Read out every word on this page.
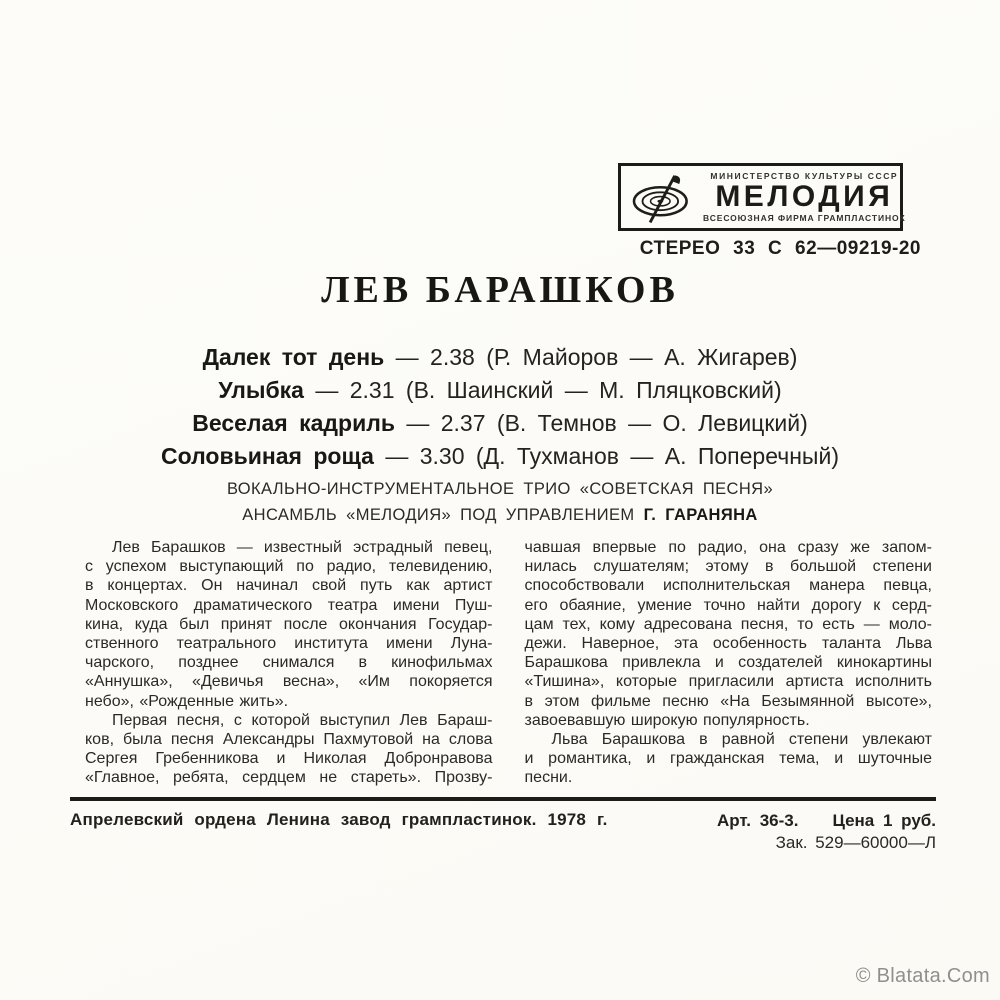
МИНИСТЕРСТВО КУЛЬТУРЫ СССР
МЕЛОДИЯ
ВСЕСОЮЗНАЯ ФИРМА ГРАМПЛАСТИНОК
СТЕРЕО 33 С 62—09219-20
ЛЕВ БАРАШКОВ
Далек тот день — 2.38 (Р. Майоров — А. Жигарев)
Улыбка — 2.31 (В. Шаинский — М. Пляцковский)
Веселая кадриль — 2.37 (В. Темнов — О. Левицкий)
Соловьиная роща — 3.30 (Д. Тухманов — А. Поперечный)
ВОКАЛЬНО-ИНСТРУМЕНТАЛЬНОЕ ТРИО «СОВЕТСКАЯ ПЕСНЯ»
АНСАМБЛЬ «МЕЛОДИЯ» ПОД УПРАВЛЕНИЕМ Г. ГАРАНЯНА
Лев Барашков — известный эстрадный певец,
с успехом выступающий по радио, телевидению,
в концертах. Он начинал свой путь как артист
Московского драматического театра имени Пуш-
кина, куда был принят после окончания Государ-
ственного театрального института имени Луна-
чарского, позднее снимался в кинофильмах
«Аннушка», «Девичья весна», «Им покоряется
небо», «Рожденные жить».
Первая песня, с которой выступил Лев Бараш-
ков, была песня Александры Пахмутовой на слова
Сергея Гребенникова и Николая Добронравова
«Главное, ребята, сердцем не стареть». Прозву-
чавшая впервые по радио, она сразу же запом-
нилась слушателям; этому в большой степени
способствовали исполнительская манера певца,
его обаяние, умение точно найти дорогу к серд-
цам тех, кому адресована песня, то есть — моло-
дежи. Наверное, эта особенность таланта Льва
Барашкова привлекла и создателей кинокартины
«Тишина», которые пригласили артиста исполнить
в этом фильме песню «На Безымянной высоте»,
завоевавшую широкую популярность.
Льва Барашкова в равной степени увлекают
и романтика, и гражданская тема, и шуточные
песни.
Апрелевский ордена Ленина завод грампластинок. 1978 г.	Арт. 36-3. Цена 1 руб.
Зак. 529—60000—Л
© Blatata.Com
